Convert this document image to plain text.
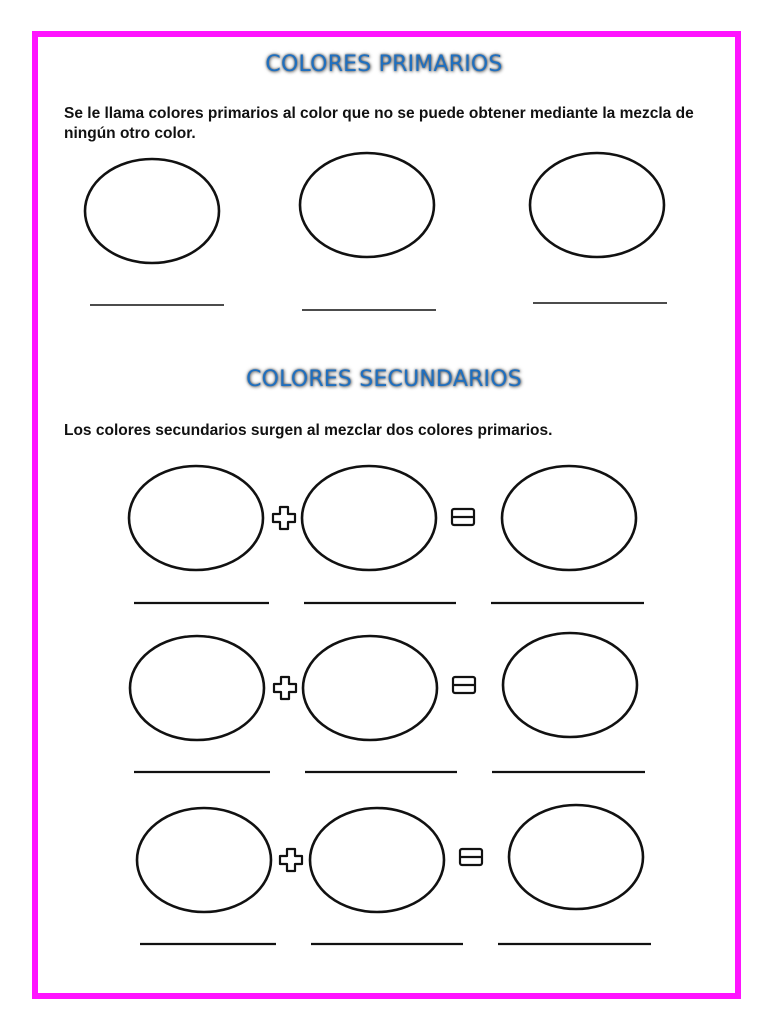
COLORES PRIMARIOS

Se le llama colores primarios al color que no se puede obtener mediante la mezcla de ningún otro color.

COLORES SECUNDARIOS

Los colores secundarios surgen al mezclar dos colores primarios.
